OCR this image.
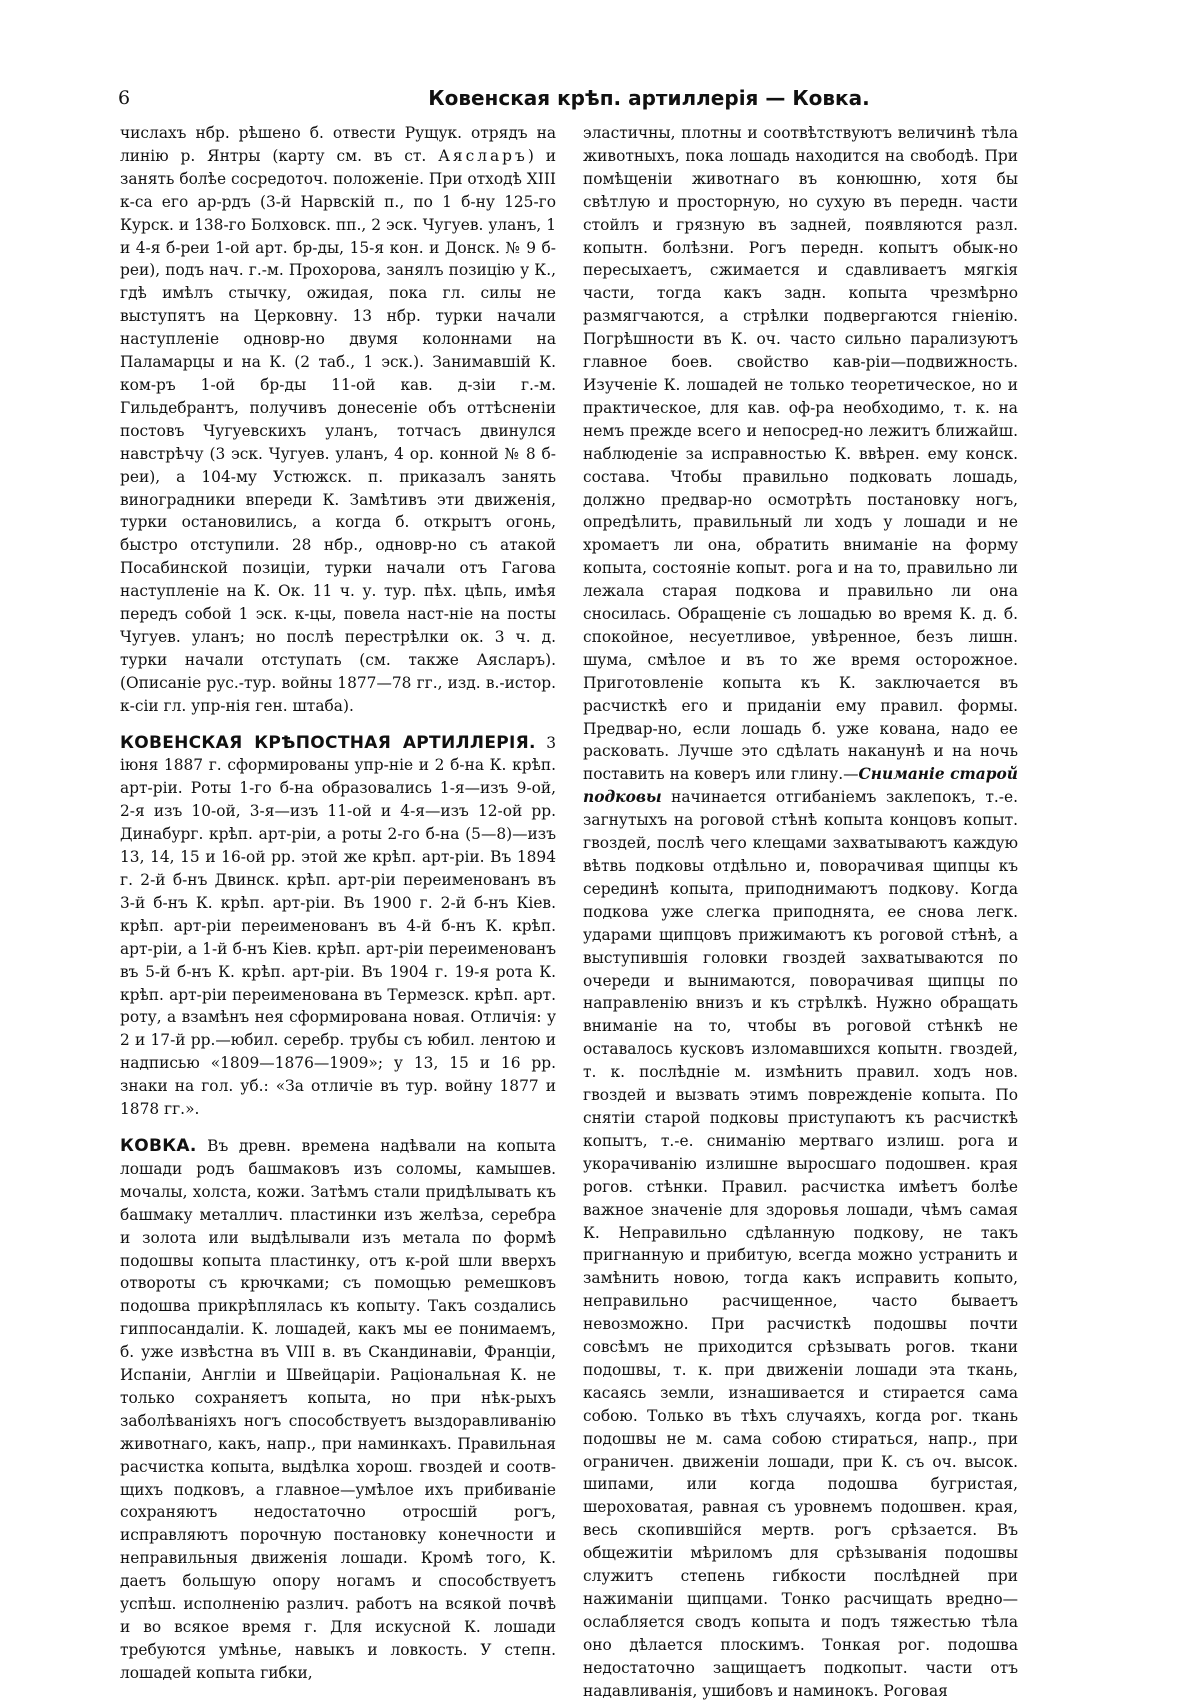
6	Ковенская крѣп. артиллерія — Ковка.

числахъ нбр. рѣшено б. отвести Рущук. отрядъ на линію р. Янтры (карту см. въ ст. Аясларъ) и занять болѣе сосредоточ. положеніе. При отходѣ XIII к-са его ар-рдъ (3-й Нарвскій п., по 1 б-ну 125-го Курск. и 138-го Болховск. пп., 2 эск. Чугуев. уланъ, 1 и 4-я б-реи 1-ой арт. бр-ды, 15-я кон. и Донск. № 9 б-реи), подъ нач. г.-м. Прохорова, занялъ позицію у К., гдѣ имѣлъ стычку, ожидая, пока гл. силы не выступятъ на Церковну. 13 нбр. турки начали наступленіе одновр-но двумя колоннами на Паламарцы и на К. (2 таб., 1 эск.). Занимавшій К. ком-ръ 1-ой бр-ды 11-ой кав. д-зіи г.-м. Гильдебрантъ, получивъ донесеніе объ оттѣсненіи постовъ Чугуевскихъ уланъ, тотчасъ двинулся навстрѣчу (3 эск. Чугуев. уланъ, 4 ор. конной № 8 б-реи), а 104-му Устюжск. п. приказалъ занять виноградники впереди К. Замѣтивъ эти движенія, турки остановились, а когда б. открытъ огонь, быстро отступили. 28 нбр., одновр-но съ атакой Посабинской позиціи, турки начали отъ Гагова наступленіе на К. Ок. 11 ч. у. тур. пѣх. цѣпь, имѣя передъ собой 1 эск. к-цы, повела наст-ніе на посты Чугуев. уланъ; но послѣ перестрѣлки ок. 3 ч. д. турки начали отступать (см. также Аясларъ). (Описаніе рус.-тур. войны 1877—78 гг., изд. в.-истор. к-сіи гл. упр-нія ген. штаба).

КОВЕНСКАЯ КРѢПОСТНАЯ АРТИЛЛЕРІЯ. 3 іюня 1887 г. сформированы упр-ніе и 2 б-на К. крѣп. арт-ріи. Роты 1-го б-на образовались 1-я—изъ 9-ой, 2-я изъ 10-ой, 3-я—изъ 11-ой и 4-я—изъ 12-ой рр. Динабург. крѣп. арт-ріи, а роты 2-го б-на (5—8)—изъ 13, 14, 15 и 16-ой рр. этой же крѣп. арт-ріи. Въ 1894 г. 2-й б-нъ Двинск. крѣп. арт-ріи переименованъ въ 3-й б-нъ К. крѣп. арт-ріи. Въ 1900 г. 2-й б-нъ Кіев. крѣп. арт-ріи переименованъ въ 4-й б-нъ К. крѣп. арт-ріи, а 1-й б-нъ Кіев. крѣп. арт-ріи переименованъ въ 5-й б-нъ К. крѣп. арт-ріи. Въ 1904 г. 19-я рота К. крѣп. арт-ріи переименована въ Термезск. крѣп. арт. роту, а взамѣнъ нея сформирована новая. Отличія: у 2 и 17-й рр.—юбил. серебр. трубы съ юбил. лентою и надписью «1809—1876—1909»; у 13, 15 и 16 рр. знаки на гол. уб.: «За отличіе въ тур. войну 1877 и 1878 гг.».

КОВКА. Въ древн. времена надѣвали на копыта лошади родъ башмаковъ изъ соломы, камышев. мочалы, холста, кожи. Затѣмъ стали придѣлывать къ башмаку металлич. пластинки изъ желѣза, серебра и золота или выдѣлывали изъ метала по формѣ подошвы копыта пластинку, отъ к-рой шли вверхъ отвороты съ крючками; съ помощью ремешковъ подошва прикрѣплялась къ копыту. Такъ создались гиппосандаліи. К. лошадей, какъ мы ее понимаемъ, б. уже извѣстна въ VIII в. въ Скандинавіи, Франціи, Испаніи, Англіи и Швейцаріи. Раціональная К. не только сохраняетъ копыта, но при нѣк-рыхъ заболѣваніяхъ ногъ способствуетъ выздоравливанію животнаго, какъ, напр., при наминкахъ. Правильная расчистка копыта, выдѣлка хорош. гвоздей и соотв-щихъ подковъ, а главное—умѣлое ихъ прибиваніе сохраняютъ недостаточно отросшій рогъ, исправляютъ порочную постановку конечности и неправильныя движенія лошади. Кромѣ того, К. даетъ большую опору ногамъ и способствуетъ успѣш. исполненію различ. работъ на всякой почвѣ и во всякое время г. Для искусной К. лошади требуются умѣнье, навыкъ и ловкость. У степн. лошадей копыта гибки,

эластичны, плотны и соотвѣтствуютъ величинѣ тѣла животныхъ, пока лошадь находится на свободѣ. При помѣщеніи животнаго въ конюшню, хотя бы свѣтлую и просторную, но сухую въ передн. части стойлъ и грязную въ задней, появляются разл. копытн. болѣзни. Рогъ передн. копытъ обык-но пересыхаетъ, сжимается и сдавливаетъ мягкія части, тогда какъ задн. копыта чрезмѣрно размягчаются, а стрѣлки подвергаются гніенію. Погрѣшности въ К. оч. часто сильно парализуютъ главное боев. свойство кав-ріи—подвижность. Изученіе К. лошадей не только теоретическое, но и практическое, для кав. оф-ра необходимо, т. к. на немъ прежде всего и непосред-но лежитъ ближайш. наблюденіе за исправностью К. ввѣрен. ему конск. состава. Чтобы правильно подковать лошадь, должно предвар-но осмотрѣть постановку ногъ, опредѣлить, правильный ли ходъ у лошади и не хромаетъ ли она, обратить вниманіе на форму копыта, состояніе копыт. рога и на то, правильно ли лежала старая подкова и правильно ли она сносилась. Обращеніе съ лошадью во время К. д. б. спокойное, несуетливое, увѣренное, безъ лишн. шума, смѣлое и въ то же время осторожное. Приготовленіе копыта къ К. заключается въ расчисткѣ его и приданіи ему правил. формы. Предвар-но, если лошадь б. уже кована, надо ее расковать. Лучше это сдѣлать наканунѣ и на ночь поставить на коверъ или глину.—Сниманіе старой подковы начинается отгибаніемъ заклепокъ, т.-е. загнутыхъ на роговой стѣнѣ копыта концовъ копыт. гвоздей, послѣ чего клещами захватываютъ каждую вѣтвь подковы отдѣльно и, поворачивая щипцы къ серединѣ копыта, приподнимаютъ подкову. Когда подкова уже слегка приподнята, ее снова легк. ударами щипцовъ прижимаютъ къ роговой стѣнѣ, а выступившія головки гвоздей захватываются по очереди и вынимаются, поворачивая щипцы по направленію внизъ и къ стрѣлкѣ. Нужно обращать вниманіе на то, чтобы въ роговой стѣнкѣ не оставалось кусковъ изломавшихся копытн. гвоздей, т. к. послѣдніе м. измѣнить правил. ходъ нов. гвоздей и вызвать этимъ поврежденіе копыта. По снятіи старой подковы приступаютъ къ расчисткѣ копытъ, т.-е. сниманію мертваго излиш. рога и укорачиванію излишне выросшаго подошвен. края рогов. стѣнки. Правил. расчистка имѣетъ болѣе важное значеніе для здоровья лошади, чѣмъ самая К. Неправильно сдѣланную подкову, не такъ пригнанную и прибитую, всегда можно устранить и замѣнить новою, тогда какъ исправить копыто, неправильно расчищенное, часто бываетъ невозможно. При расчисткѣ подошвы почти совсѣмъ не приходится срѣзывать рогов. ткани подошвы, т. к. при движеніи лошади эта ткань, касаясь земли, изнашивается и стирается сама собою. Только въ тѣхъ случаяхъ, когда рог. ткань подошвы не м. сама собою стираться, напр., при ограничен. движеніи лошади, при К. съ оч. высок. шипами, или когда подошва бугристая, шероховатая, равная съ уровнемъ подошвен. края, весь скопившійся мертв. рогъ срѣзается. Въ общежитіи мѣриломъ для срѣзыванія подошвы служитъ степень гибкости послѣдней при нажиманіи щипцами. Тонко расчищать вредно—ослабляется сводъ копыта и подъ тяжестью тѣла оно дѣлается плоскимъ. Тонкая рог. подошва недостаточно защищаетъ подкопыт. части отъ надавливанія, ушибовъ и наминокъ. Роговая
